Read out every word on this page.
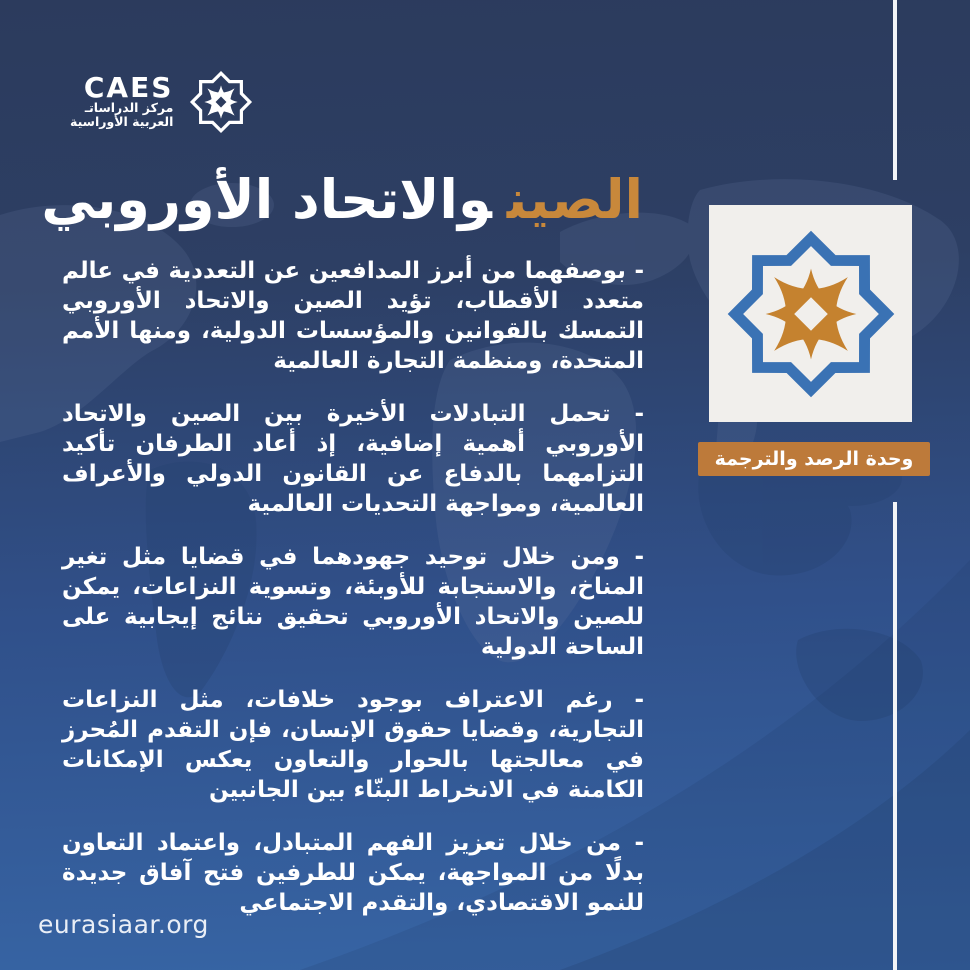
CAES
مركز الدراساتـ
العربية الأوراسية
الصينوالاتحاد الأوروبي

- بوصفهما من أبرز المدافعين عن التعددية في عالم متعدد الأقطاب، تؤيد الصين والاتحاد الأوروبي التمسك بالقوانين والمؤسسات الدولية، ومنها الأمم المتحدة، ومنظمة التجارة العالمية

- تحمل التبادلات الأخيرة بين الصين والاتحاد الأوروبي أهمية إضافية، إذ أعاد الطرفان تأكيد التزامهما بالدفاع عن القانون الدولي والأعراف العالمية، ومواجهة التحديات العالمية

- ومن خلال توحيد جهودهما في قضايا مثل تغير المناخ، والاستجابة للأوبئة، وتسوية النزاعات، يمكن للصين والاتحاد الأوروبي تحقيق نتائج إيجابية على الساحة الدولية

- رغم الاعتراف بوجود خلافات، مثل النزاعات التجارية، وقضايا حقوق الإنسان، فإن التقدم المُحرز في معالجتها بالحوار والتعاون يعكس الإمكانات الكامنة في الانخراط البنّاء بين الجانبين

- من خلال تعزيز الفهم المتبادل، واعتماد التعاون بدلًا من المواجهة، يمكن للطرفين فتح آفاق جديدة للنمو الاقتصادي، والتقدم الاجتماعي

وحدة الرصد والترجمة
eurasiaar.org
